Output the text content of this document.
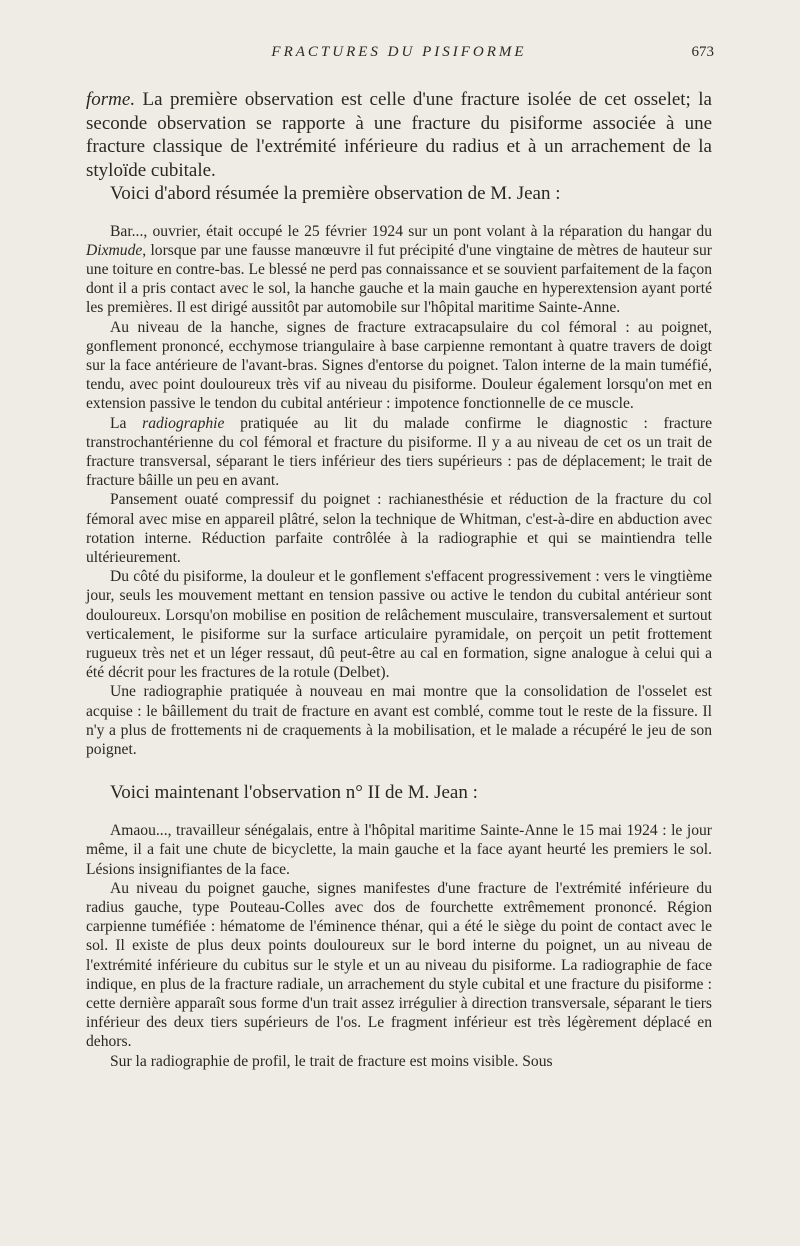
FRACTURES DU PISIFORME	673

forme. La première observation est celle d'une fracture isolée de cet osselet; la seconde observation se rapporte à une fracture du pisiforme associée à une fracture classique de l'extrémité inférieure du radius et à un arrachement de la styloïde cubitale.

Voici d'abord résumée la première observation de M. Jean :

Bar..., ouvrier, était occupé le 25 février 1924 sur un pont volant à la réparation du hangar du Dixmude, lorsque par une fausse manœuvre il fut précipité d'une vingtaine de mètres de hauteur sur une toiture en contre-bas. Le blessé ne perd pas connaissance et se souvient parfaitement de la façon dont il a pris contact avec le sol, la hanche gauche et la main gauche en hyperextension ayant porté les premières. Il est dirigé aussitôt par automobile sur l'hôpital maritime Sainte-Anne.

Au niveau de la hanche, signes de fracture extracapsulaire du col fémoral : au poignet, gonflement prononcé, ecchymose triangulaire à base carpienne remontant à quatre travers de doigt sur la face antérieure de l'avant-bras. Signes d'entorse du poignet. Talon interne de la main tuméfié, tendu, avec point douloureux très vif au niveau du pisiforme. Douleur également lorsqu'on met en extension passive le tendon du cubital antérieur : impotence fonctionnelle de ce muscle.

La radiographie pratiquée au lit du malade confirme le diagnostic : fracture transtrochantérienne du col fémoral et fracture du pisiforme. Il y a au niveau de cet os un trait de fracture transversal, séparant le tiers inférieur des tiers supérieurs : pas de déplacement; le trait de fracture bâille un peu en avant.

Pansement ouaté compressif du poignet : rachianesthésie et réduction de la fracture du col fémoral avec mise en appareil plâtré, selon la technique de Whitman, c'est-à-dire en abduction avec rotation interne. Réduction parfaite contrôlée à la radiographie et qui se maintiendra telle ultérieurement.

Du côté du pisiforme, la douleur et le gonflement s'effacent progressivement : vers le vingtième jour, seuls les mouvement mettant en tension passive ou active le tendon du cubital antérieur sont douloureux. Lorsqu'on mobilise en position de relâchement musculaire, transversalement et surtout verticalement, le pisiforme sur la surface articulaire pyramidale, on perçoit un petit frottement rugueux très net et un léger ressaut, dû peut-être au cal en formation, signe analogue à celui qui a été décrit pour les fractures de la rotule (Delbet).

Une radiographie pratiquée à nouveau en mai montre que la consolidation de l'osselet est acquise : le bâillement du trait de fracture en avant est comblé, comme tout le reste de la fissure. Il n'y a plus de frottements ni de craquements à la mobilisation, et le malade a récupéré le jeu de son poignet.

Voici maintenant l'observation n° II de M. Jean :

Amaou..., travailleur sénégalais, entre à l'hôpital maritime Sainte-Anne le 15 mai 1924 : le jour même, il a fait une chute de bicyclette, la main gauche et la face ayant heurté les premiers le sol. Lésions insignifiantes de la face.

Au niveau du poignet gauche, signes manifestes d'une fracture de l'extrémité inférieure du radius gauche, type Pouteau-Colles avec dos de fourchette extrêmement prononcé. Région carpienne tuméfiée : hématome de l'éminence thénar, qui a été le siège du point de contact avec le sol. Il existe de plus deux points douloureux sur le bord interne du poignet, un au niveau de l'extrémité inférieure du cubitus sur le style et un au niveau du pisiforme. La radiographie de face indique, en plus de la fracture radiale, un arrachement du style cubital et une fracture du pisiforme : cette dernière apparaît sous forme d'un trait assez irrégulier à direction transversale, séparant le tiers inférieur des deux tiers supérieurs de l'os. Le fragment inférieur est très légèrement déplacé en dehors.

Sur la radiographie de profil, le trait de fracture est moins visible. Sous
